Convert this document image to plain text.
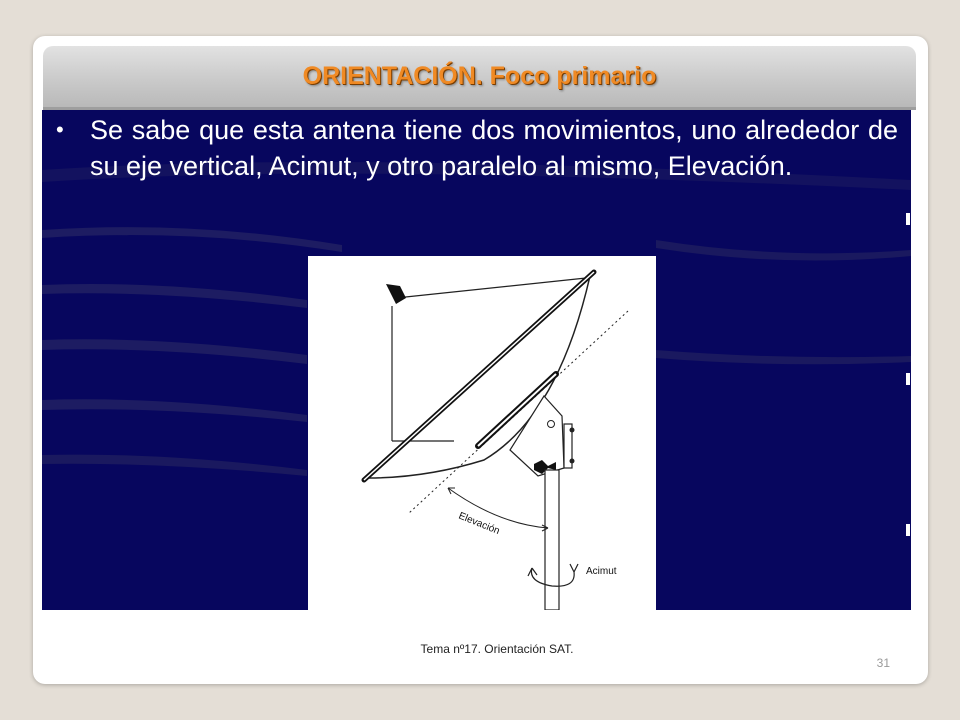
ORIENTACIÓN. Foco primario
• Se sabe que esta antena tiene dos movimientos, uno alrededor de su eje vertical, Acimut, y otro paralelo al mismo, Elevación.
Elevación
Acimut
Tema nº17. Orientación SAT.
31
